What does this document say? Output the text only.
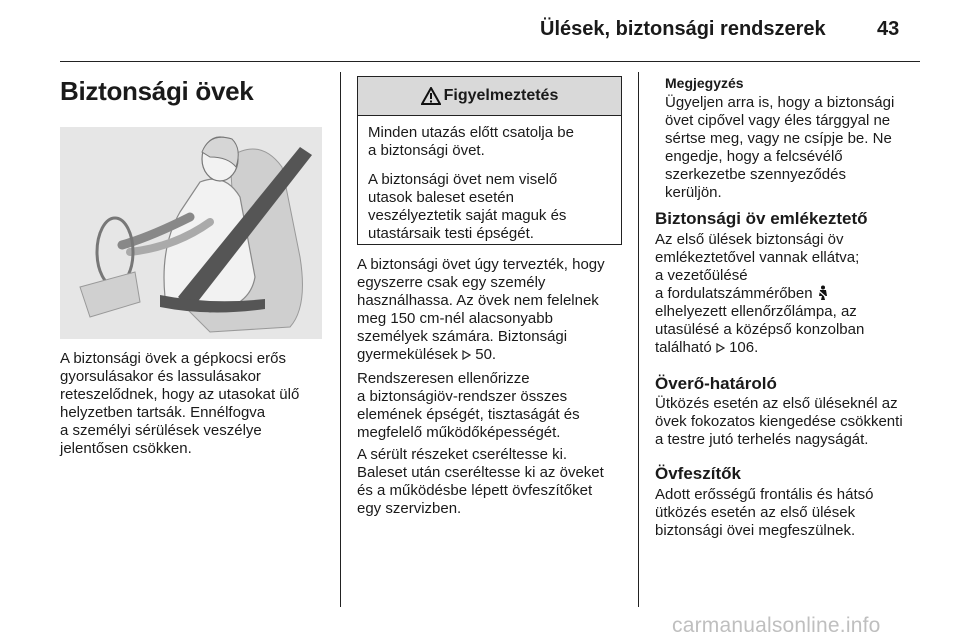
Ülések, biztonsági rendszerek	43
Biztonsági övek
A biztonsági övek a gépkocsi erős
gyorsulásakor és lassulásakor
reteszelődnek, hogy az utasokat ülő
helyzetben tartsák. Ennélfogva
a személyi sérülések veszélye
jelentősen csökken.
Figyelmeztetés
Minden utazás előtt csatolja be
a biztonsági övet.
A biztonsági övet nem viselő
utasok baleset esetén
veszélyeztetik saját maguk és
utastársaik testi épségét.
A biztonsági övet úgy tervezték, hogy
egyszerre csak egy személy
használhassa. Az övek nem felelnek
meg 150 cm-nél alacsonyabb
személyek számára. Biztonsági
gyermekülések 50.
Rendszeresen ellenőrizze
a biztonságiöv-rendszer összes
elemének épségét, tisztaságát és
megfelelő működőképességét.
A sérült részeket cseréltesse ki.
Baleset után cseréltesse ki az öveket
és a működésbe lépett övfeszítőket
egy szervizben.
Megjegyzés
Ügyeljen arra is, hogy a biztonsági
övet cipővel vagy éles tárggyal ne
sértse meg, vagy ne csípje be. Ne
engedje, hogy a felcsévélő
szerkezetbe szennyeződés
kerüljön.
Biztonsági öv emlékeztető
Az első ülések biztonsági öv
emlékeztetővel vannak ellátva;
a vezetőülésé
a fordulatszámmérőben
elhelyezett ellenőrzőlámpa, az
utasülésé a középső konzolban
található 106.
Överő-határoló
Ütközés esetén az első üléseknél az
övek fokozatos kiengedése csökkenti
a testre jutó terhelés nagyságát.
Övfeszítők
Adott erősségű frontális és hátsó
ütközés esetén az első ülések
biztonsági övei megfeszülnek.
carmanualsonline.info
